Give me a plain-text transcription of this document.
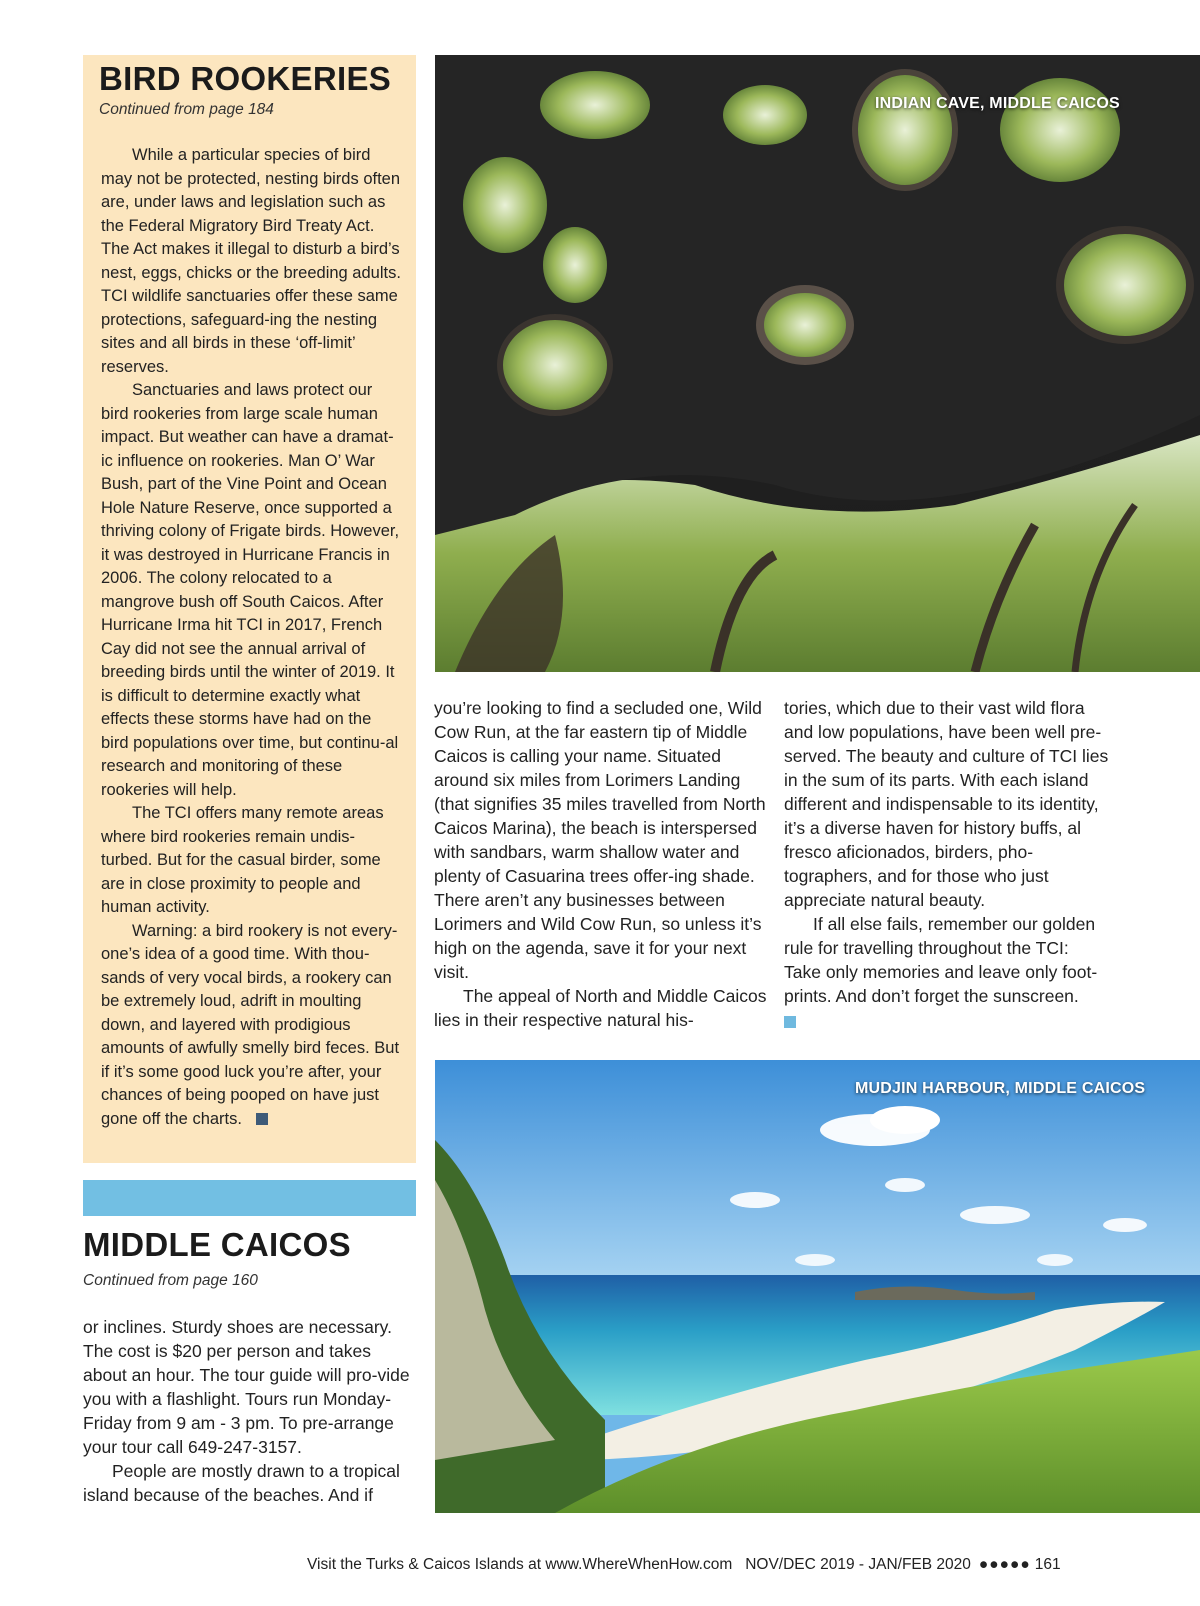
BIRD ROOKERIES
Continued from page 184

While a particular species of bird may not be protected, nesting birds often are, under laws and legislation such as the Federal Migratory Bird Treaty Act. The Act makes it illegal to disturb a bird’s nest, eggs, chicks or the breeding adults. TCI wildlife sanctuaries offer these same protections, safeguard-ing the nesting sites and all birds in these ‘off-limit’ reserves.

Sanctuaries and laws protect our bird rookeries from large scale human impact. But weather can have a dramat-ic influence on rookeries. Man O’ War Bush, part of the Vine Point and Ocean Hole Nature Reserve, once supported a thriving colony of Frigate birds. However, it was destroyed in Hurricane Francis in 2006. The colony relocated to a mangrove bush off South Caicos. After Hurricane Irma hit TCI in 2017, French Cay did not see the annual arrival of breeding birds until the winter of 2019. It is difficult to determine exactly what effects these storms have had on the bird populations over time, but continu-al research and monitoring of these rookeries will help.

The TCI offers many remote areas where bird rookeries remain undis-turbed. But for the casual birder, some are in close proximity to people and human activity.

Warning: a bird rookery is not every-one’s idea of a good time. With thou-sands of very vocal birds, a rookery can be extremely loud, adrift in moulting down, and layered with prodigious amounts of awfully smelly bird feces. But if it’s some good luck you’re after, your chances of being pooped on have just gone off the charts.

MIDDLE CAICOS
Continued from page 160

or inclines. Sturdy shoes are necessary. The cost is $20 per person and takes about an hour. The tour guide will pro-vide you with a flashlight. Tours run Monday-Friday from 9 am - 3 pm. To pre-arrange your tour call 649-247-3157.

People are mostly drawn to a tropical island because of the beaches. And if

INDIAN CAVE, MIDDLE CAICOS

you’re looking to find a secluded one, Wild Cow Run, at the far eastern tip of Middle Caicos is calling your name. Situated around six miles from Lorimers Landing (that signifies 35 miles travelled from North Caicos Marina), the beach is interspersed with sandbars, warm shallow water and plenty of Casuarina trees offer-ing shade. There aren’t any businesses between Lorimers and Wild Cow Run, so unless it’s high on the agenda, save it for your next visit.

The appeal of North and Middle Caicos lies in their respective natural his-

tories, which due to their vast wild flora and low populations, have been well pre-served. The beauty and culture of TCI lies in the sum of its parts. With each island different and indispensable to its identity, it’s a diverse haven for history buffs, al fresco aficionados, birders, pho-tographers, and for those who just appreciate natural beauty.

If all else fails, remember our golden rule for travelling throughout the TCI: Take only memories and leave only foot-prints. And don’t forget the sunscreen.

MUDJIN HARBOUR, MIDDLE CAICOS
Visit the Turks & Caicos Islands at www.WhereWhenHow.com NOV/DEC 2019 - JAN/FEB 2020 ●●●●● 161
